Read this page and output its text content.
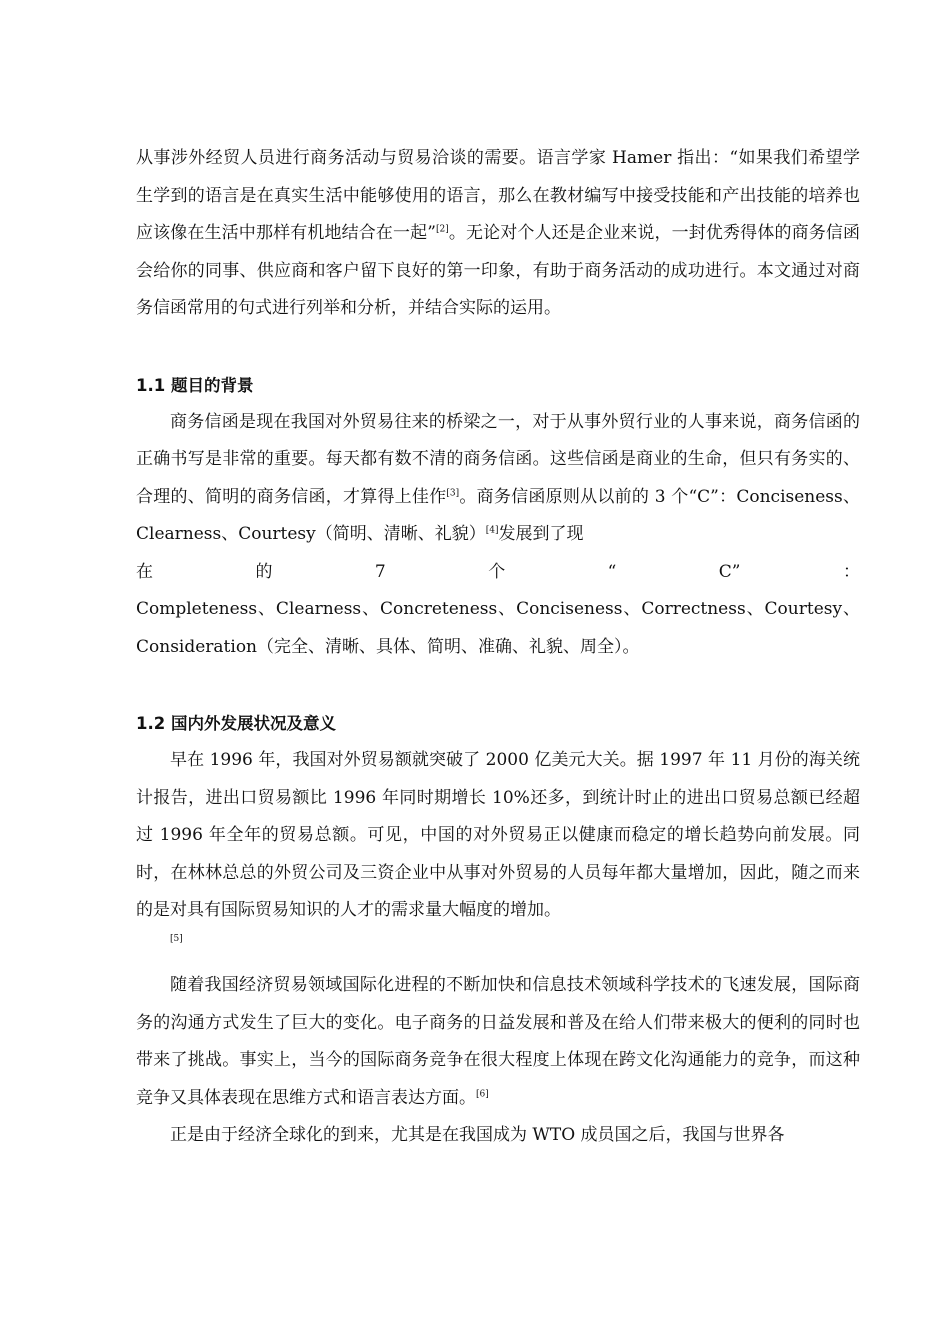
从事涉外经贸人员进行商务活动与贸易洽谈的需要。语言学家 Hamer 指出：“如果我们希望学生学到的语言是在真实生活中能够使用的语言，那么在教材编写中接受技能和产出技能的培养也应该像在生活中那样有机地结合在一起”[2]。无论对个人还是企业来说，一封优秀得体的商务信函会给你的同事、供应商和客户留下良好的第一印象，有助于商务活动的成功进行。本文通过对商务信函常用的句式进行列举和分析，并结合实际的运用。

1.1 题目的背景

商务信函是现在我国对外贸易往来的桥梁之一，对于从事外贸行业的人事来说，商务信函的正确书写是非常的重要。每天都有数不清的商务信函。这些信函是商业的生命，但只有务实的、合理的、简明的商务信函，才算得上佳作[3]。商务信函原则从以前的 3 个“C”：Conciseness、Clearness、Courtesy（简明、清晰、礼貌）[4]发展到了现

在	的	7	个	“	C”	：

Completeness、Clearness、Concreteness、Conciseness、Correctness、Courtesy、Consideration（完全、清晰、具体、简明、准确、礼貌、周全）。

1.2 国内外发展状况及意义

早在 1996 年，我国对外贸易额就突破了 2000 亿美元大关。据 1997 年 11 月份的海关统计报告，进出口贸易额比 1996 年同时期增长 10%还多，到统计时止的进出口贸易总额已经超过 1996 年全年的贸易总额。可见，中国的对外贸易正以健康而稳定的增长趋势向前发展。同时，在林林总总的外贸公司及三资企业中从事对外贸易的人员每年都大量增加，因此，随之而来的是对具有国际贸易知识的人才的需求量大幅度的增加。
[5]

随着我国经济贸易领域国际化进程的不断加快和信息技术领域科学技术的飞速发展，国际商务的沟通方式发生了巨大的变化。电子商务的日益发展和普及在给人们带来极大的便利的同时也带来了挑战。事实上，当今的国际商务竞争在很大程度上体现在跨文化沟通能力的竞争，而这种竞争又具体表现在思维方式和语言表达方面。[6]

正是由于经济全球化的到来，尤其是在我国成为 WTO 成员国之后，我国与世界各
